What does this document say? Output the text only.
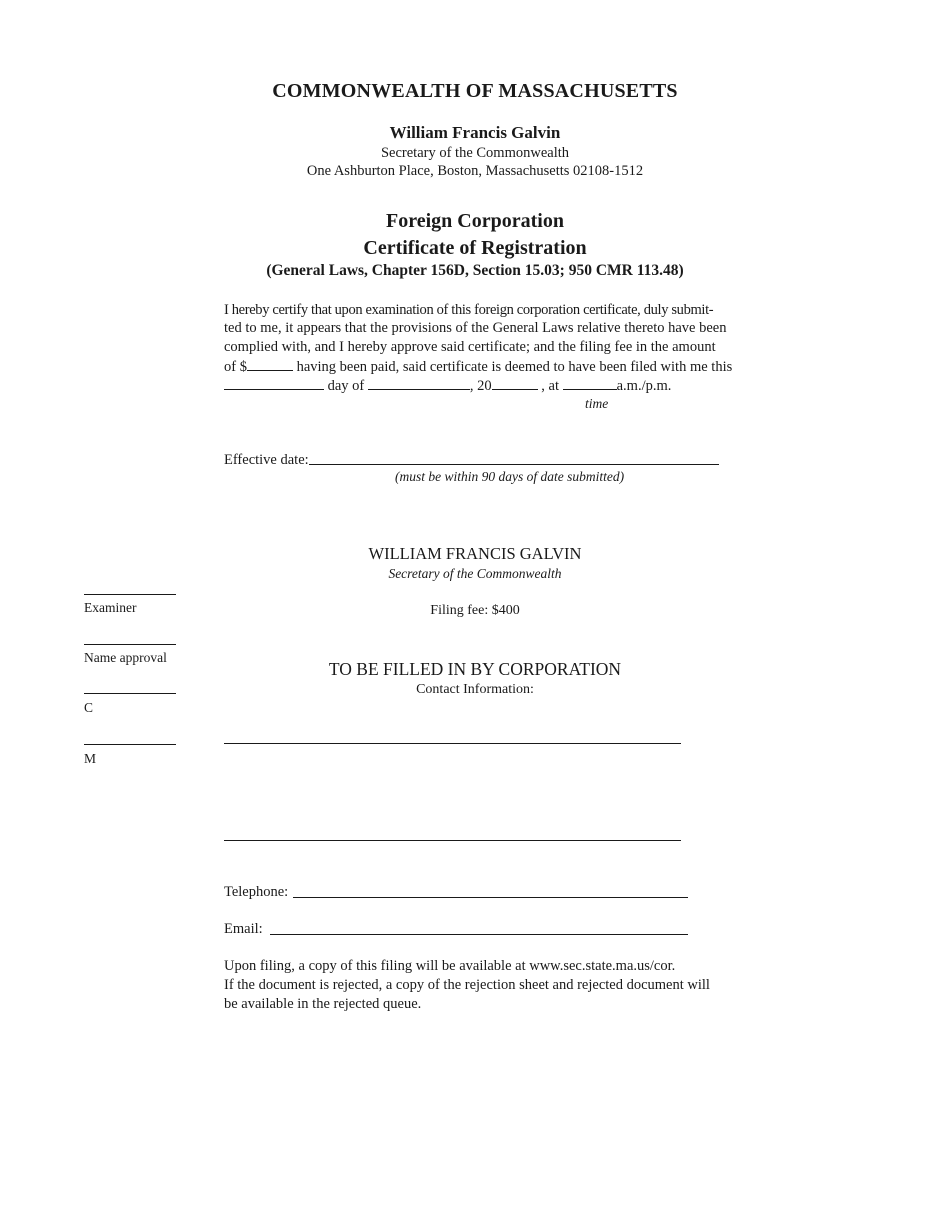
COMMONWEALTH OF MASSACHUSETTS
William Francis Galvin
Secretary of the Commonwealth
One Ashburton Place, Boston, Massachusetts 02108-1512
Foreign Corporation
Certificate of Registration
(General Laws, Chapter 156D, Section 15.03; 950 CMR 113.48)
I hereby certify that upon examination of this foreign corporation certificate, duly submit-
ted to me, it appears that the provisions of the General Laws relative thereto have been
complied with, and I hereby approve said certificate; and the filing fee in the amount
of $	having been paid, said certificate is deemed to have been filed with me this
day of	, 20	, at	a.m./p.m.
time
Effective date:
(must be within 90 days of date submitted)
WILLIAM FRANCIS GALVIN
Secretary of the Commonwealth
Filing fee: $400
Examiner
Name approval
C
M
TO BE FILLED IN BY CORPORATION
Contact Information:
Telephone:
Email:
Upon filing, a copy of this filing will be available at www.sec.state.ma.us/cor.
If the document is rejected, a copy of the rejection sheet and rejected document will
be available in the rejected queue.
